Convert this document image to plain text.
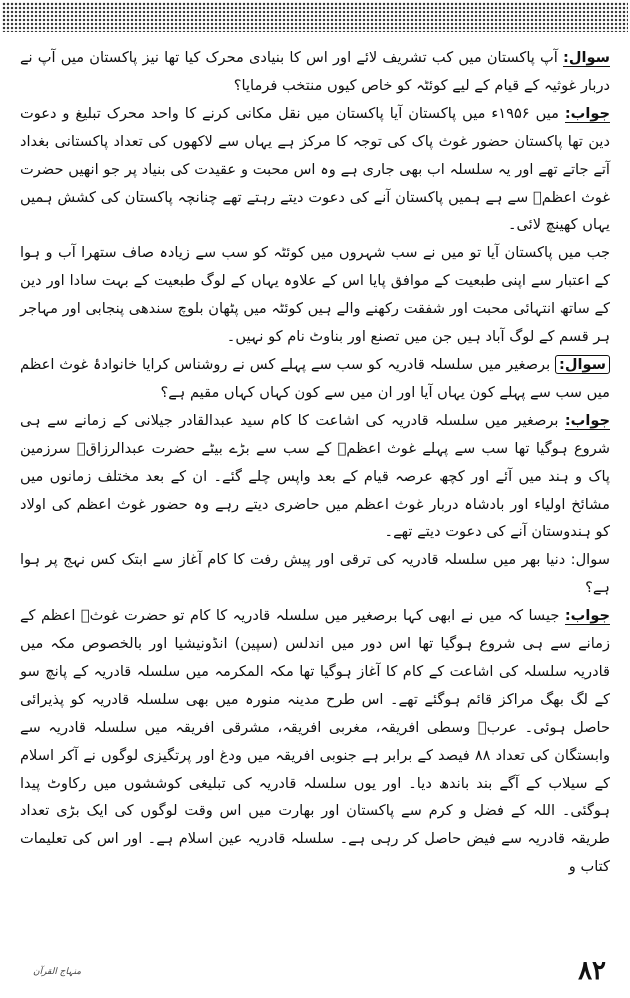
سوال: آپ پاکستان میں کب تشریف لائے اور اس کا بنیادی محرک کیا تھا نیز پاکستان میں آپ نے دربار غوثیہ کے قیام کے لیے کوئٹہ کو خاص کیوں منتخب فرمایا؟

جواب: میں ۱۹۵۶ء میں پاکستان آیا پاکستان میں نقل مکانی کرنے کا واحد محرک تبلیغ و دعوت دین تھا پاکستان حضور غوث پاک کی توجہ کا مرکز ہے یہاں سے لاکھوں کی تعداد پاکستانی بغداد آتے جاتے تھے اور یہ سلسلہ اب بھی جاری ہے وہ اس محبت و عقیدت کی بنیاد پر جو انھیں حضرت غوث اعظمؒ سے ہے ہمیں پاکستان آنے کی دعوت دیتے رہتے تھے چنانچہ پاکستان کی کشش ہمیں یہاں کھینچ لائی۔

جب میں پاکستان آیا تو میں نے سب شہروں میں کوئٹہ کو سب سے زیادہ صاف ستھرا آب و ہوا کے اعتبار سے اپنی طبعیت کے موافق پایا اس کے علاوہ یہاں کے لوگ طبعیت کے بہت سادا اور دین کے ساتھ انتہائی محبت اور شفقت رکھنے والے ہیں کوئٹہ میں پٹھان بلوچ سندھی پنجابی اور مہاجر ہر قسم کے لوگ آباد ہیں جن میں تصنع اور بناوٹ نام کو نہیں۔

سوال: برصغیر میں سلسلہ قادریہ کو سب سے پہلے کس نے روشناس کرایا خانوادۂ غوث اعظم میں سب سے پہلے کون یہاں آیا اور ان میں سے کون کہاں کہاں مقیم ہے؟

جواب: برصغیر میں سلسلہ قادریہ کی اشاعت کا کام سید عبدالقادر جیلانی کے زمانے سے ہی شروع ہوگیا تھا سب سے پہلے غوث اعظمؒ کے سب سے بڑے بیٹے حضرت عبدالرزاقؒ سرزمین پاک و ہند میں آئے اور کچھ عرصہ قیام کے بعد واپس چلے گئے۔ ان کے بعد مختلف زمانوں میں مشائخ اولیاء اور بادشاہ دربار غوث اعظم میں حاضری دیتے رہے وہ حضور غوث اعظم کی اولاد کو ہندوستان آنے کی دعوت دیتے تھے۔

سوال: دنیا بھر میں سلسلہ قادریہ کی ترقی اور پیش رفت کا کام آغاز سے ابتک کس نہج پر ہوا ہے؟

جواب: جیسا کہ میں نے ابھی کہا برصغیر میں سلسلہ قادریہ کا کام تو حضرت غوثؒ اعظم کے زمانے سے ہی شروع ہوگیا تھا اس دور میں اندلس (سپین) انڈونیشیا اور بالخصوص مکہ میں قادریہ سلسلہ کی اشاعت کے کام کا آغاز ہوگیا تھا مکہ المکرمہ میں سلسلہ قادریہ کے پانچ سو کے لگ بھگ مراکز قائم ہوگئے تھے۔ اس طرح مدینہ منورہ میں بھی سلسلہ قادریہ کو پذیرائی حاصل ہوئی۔ عربؒ وسطی افریقہ، مغربی افریقہ، مشرقی افریقہ میں سلسلہ قادریہ سے وابستگان کی تعداد ۸۸ فیصد کے برابر ہے جنوبی افریقہ میں ودغ اور پرتگیزی لوگوں نے آکر اسلام کے سیلاب کے آگے بند باندھ دیا۔ اور یوں سلسلہ قادریہ کی تبلیغی کوششوں میں رکاوٹ پیدا ہوگئی۔ اللہ کے فضل و کرم سے پاکستان اور بھارت میں اس وقت لوگوں کی ایک بڑی تعداد طریقہ قادریہ سے فیض حاصل کر رہی ہے۔ سلسلہ قادریہ عین اسلام ہے۔ اور اس کی تعلیمات کتاب و

منہاج القرآن	۸۲
